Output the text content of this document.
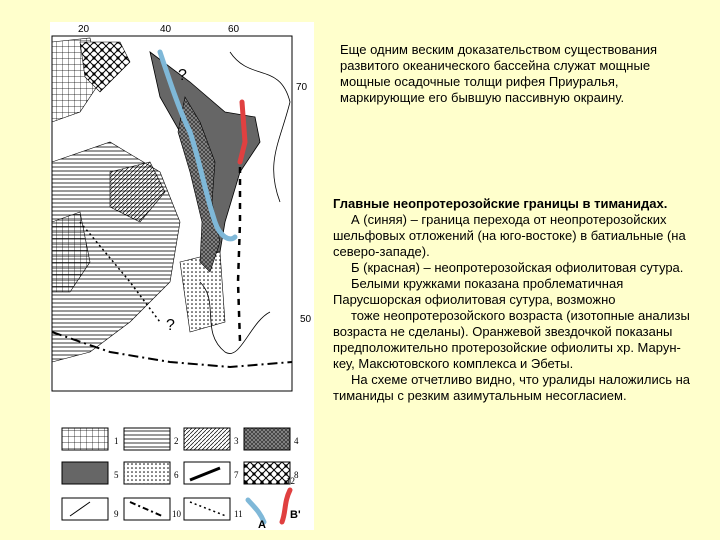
20	40	60
70
50
?
?
1	2	3	4
5	6	7	8
9	10	11
A
12
B'
Еще одним веским доказательством существования развитого океанического бассейна служат мощные мощные осадочные толщи рифея Приуралья, маркирующие его бывшую пассивную окраину.

Главные неопротерозойские границы в тиманидах.

А (синяя) – граница перехода от неопротерозойских шельфовых отложений (на юго-востоке) в батиальные (на северо-западе).

Б (красная) – неопротерозойская офиолитовая сутура.

Белыми кружками показана проблематичная Парусшорская офиолитовая сутура, возможно

тоже неопротерозойского возраста (изотопные анализы возраста не сделаны). Оранжевой звездочкой показаны предположительно протерозойские офиолиты хр. Марун-кеу, Максютовского комплекса и Эбеты.

На схеме отчетливо видно, что уралиды наложились на тиманиды с резким азимутальным несогласием.
